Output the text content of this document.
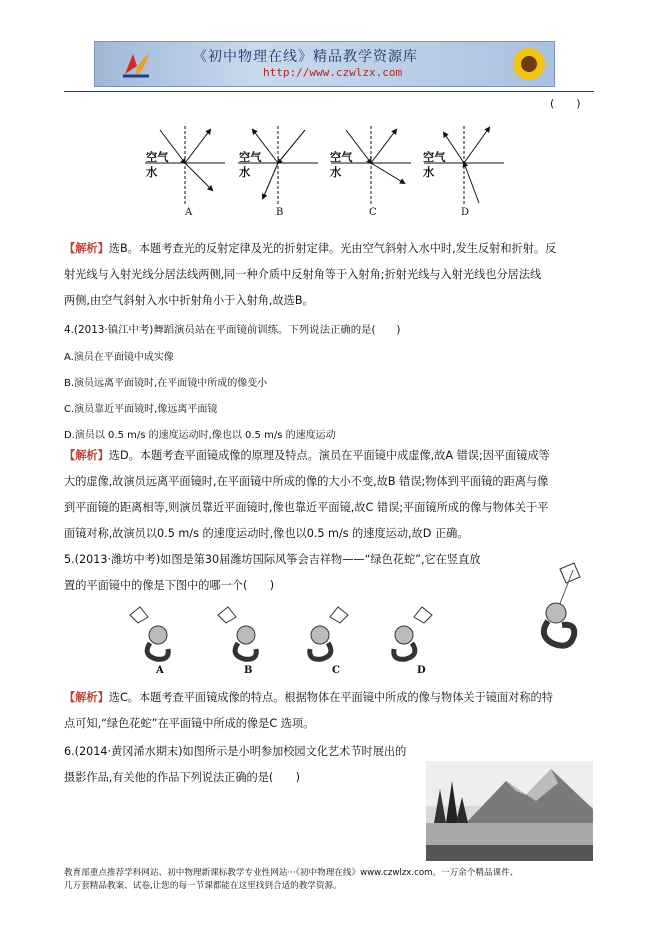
《初中物理在线》精品教学资源库
http://www.czwlzx.com
(　　)
空气
水
空气
水
空气
水
空气
水
A	B	C	D
【解析】选B。本题考查光的反射定律及光的折射定律。光由空气斜射入水中时,发生反射和折射。反
射光线与入射光线分居法线两侧,同一种介质中反射角等于入射角;折射光线与入射光线也分居法线
两侧,由空气斜射入水中折射角小于入射角,故选B。
4.(2013·镇江中考)舞蹈演员站在平面镜前训练。下列说法正确的是(　　)
A.演员在平面镜中成实像
B.演员远离平面镜时,在平面镜中所成的像变小
C.演员靠近平面镜时,像远离平面镜
D.演员以 0.5 m/s 的速度运动时,像也以 0.5 m/s 的速度运动
【解析】选D。本题考查平面镜成像的原理及特点。演员在平面镜中成虚像,故A 错误;因平面镜成等
大的虚像,故演员远离平面镜时,在平面镜中所成的像的大小不变,故B 错误;物体到平面镜的距离与像
到平面镜的距离相等,则演员靠近平面镜时,像也靠近平面镜,故C 错误;平面镜所成的像与物体关于平
面镜对称,故演员以0.5 m/s 的速度运动时,像也以0.5 m/s 的速度运动,故D 正确。
5.(2013·潍坊中考)如图是第30届潍坊国际风筝会吉祥物——“绿色花蛇”,它在竖直放
置的平面镜中的像是下图中的哪一个(　　)
A	B	C	D
【解析】选C。本题考查平面镜成像的特点。根据物体在平面镜中所成的像与物体关于镜面对称的特
点可知,“绿色花蛇”在平面镜中所成的像是C 选项。
6.(2014·黄冈浠水期末)如图所示是小明参加校园文化艺术节时展出的
摄影作品,有关他的作品下列说法正确的是(　　)
教育部重点推荐学科网站、初中物理新课标教学专业性网站···《初中物理在线》www.czwlzx.com。一万余个精品课件、
几万套精品教案、试卷,让您的每一节课都能在这里找到合适的教学资源。
